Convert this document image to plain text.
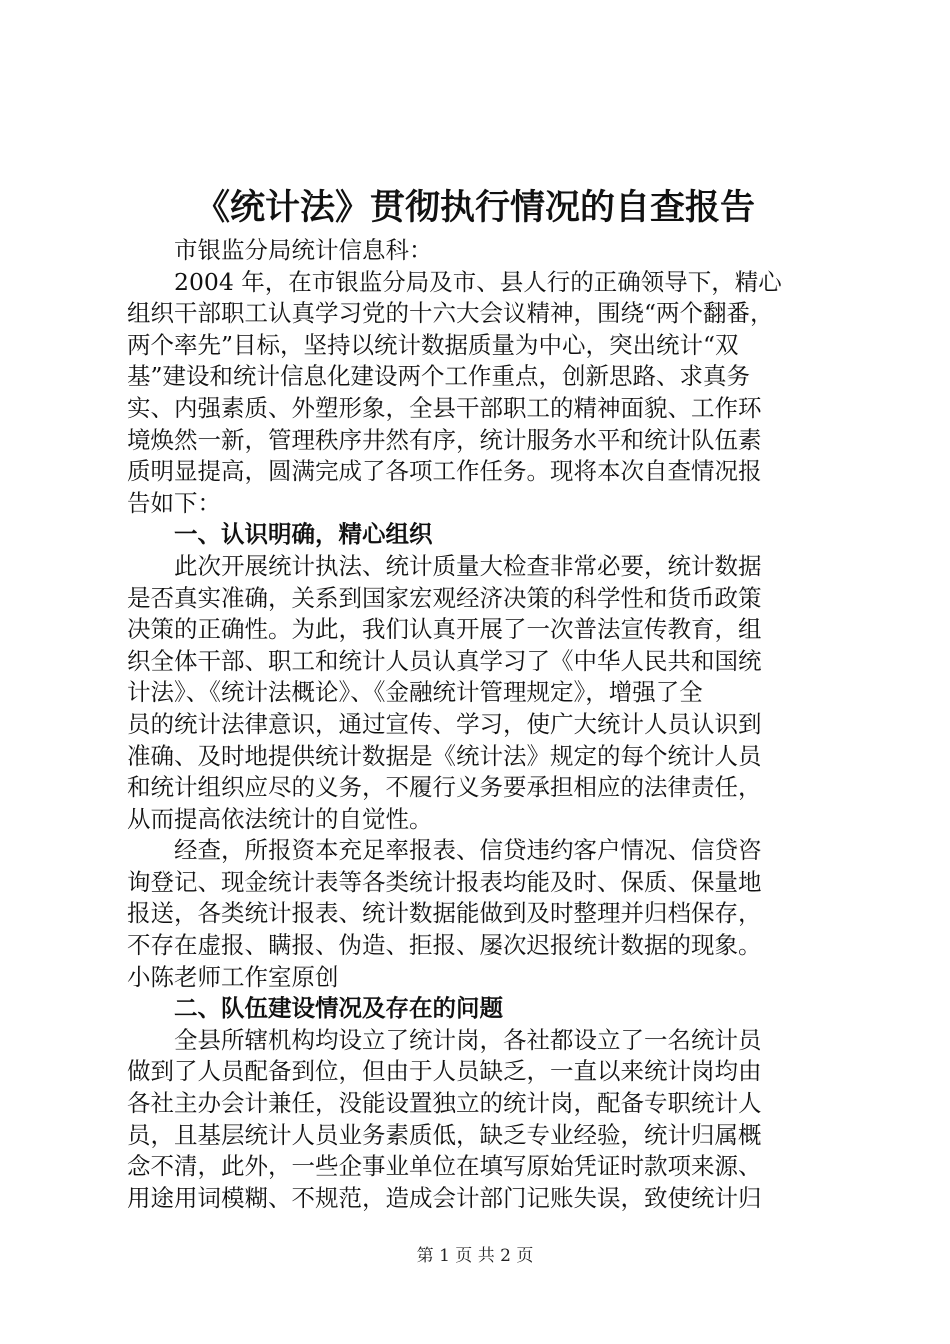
《统计法》贯彻执行情况的自查报告

市银监分局统计信息科：

2004 年，在市银监分局及市、县人行的正确领导下，精心

组织干部职工认真学习党的十六大会议精神，围绕“两个翻番，

两个率先”目标，坚持以统计数据质量为中心，突出统计“双

基”建设和统计信息化建设两个工作重点，创新思路、求真务

实、内强素质、外塑形象，全县干部职工的精神面貌、工作环

境焕然一新，管理秩序井然有序，统计服务水平和统计队伍素

质明显提高，圆满完成了各项工作任务。现将本次自查情况报

告如下：

一、认识明确，精心组织

此次开展统计执法、统计质量大检查非常必要，统计数据

是否真实准确，关系到国家宏观经济决策的科学性和货币政策

决策的正确性。为此，我们认真开展了一次普法宣传教育，组

织全体干部、职工和统计人员认真学习了《中华人民共和国统

计法》、《统计法概论》、《金融统计管理规定》，增强了全

员的统计法律意识，通过宣传、学习，使广大统计人员认识到

准确、及时地提供统计数据是《统计法》规定的每个统计人员

和统计组织应尽的义务，不履行义务要承担相应的法律责任，

从而提高依法统计的自觉性。

经查，所报资本充足率报表、信贷违约客户情况、信贷咨

询登记、现金统计表等各类统计报表均能及时、保质、保量地

报送，各类统计报表、统计数据能做到及时整理并归档保存，

不存在虚报、瞒报、伪造、拒报、屡次迟报统计数据的现象。

小陈老师工作室原创

二、队伍建设情况及存在的问题

全县所辖机构均设立了统计岗，各社都设立了一名统计员

做到了人员配备到位，但由于人员缺乏，一直以来统计岗均由

各社主办会计兼任，没能设置独立的统计岗，配备专职统计人

员，且基层统计人员业务素质低，缺乏专业经验，统计归属概

念不清，此外，一些企事业单位在填写原始凭证时款项来源、

用途用词模糊、不规范，造成会计部门记账失误，致使统计归

第 1 页 共 2 页
